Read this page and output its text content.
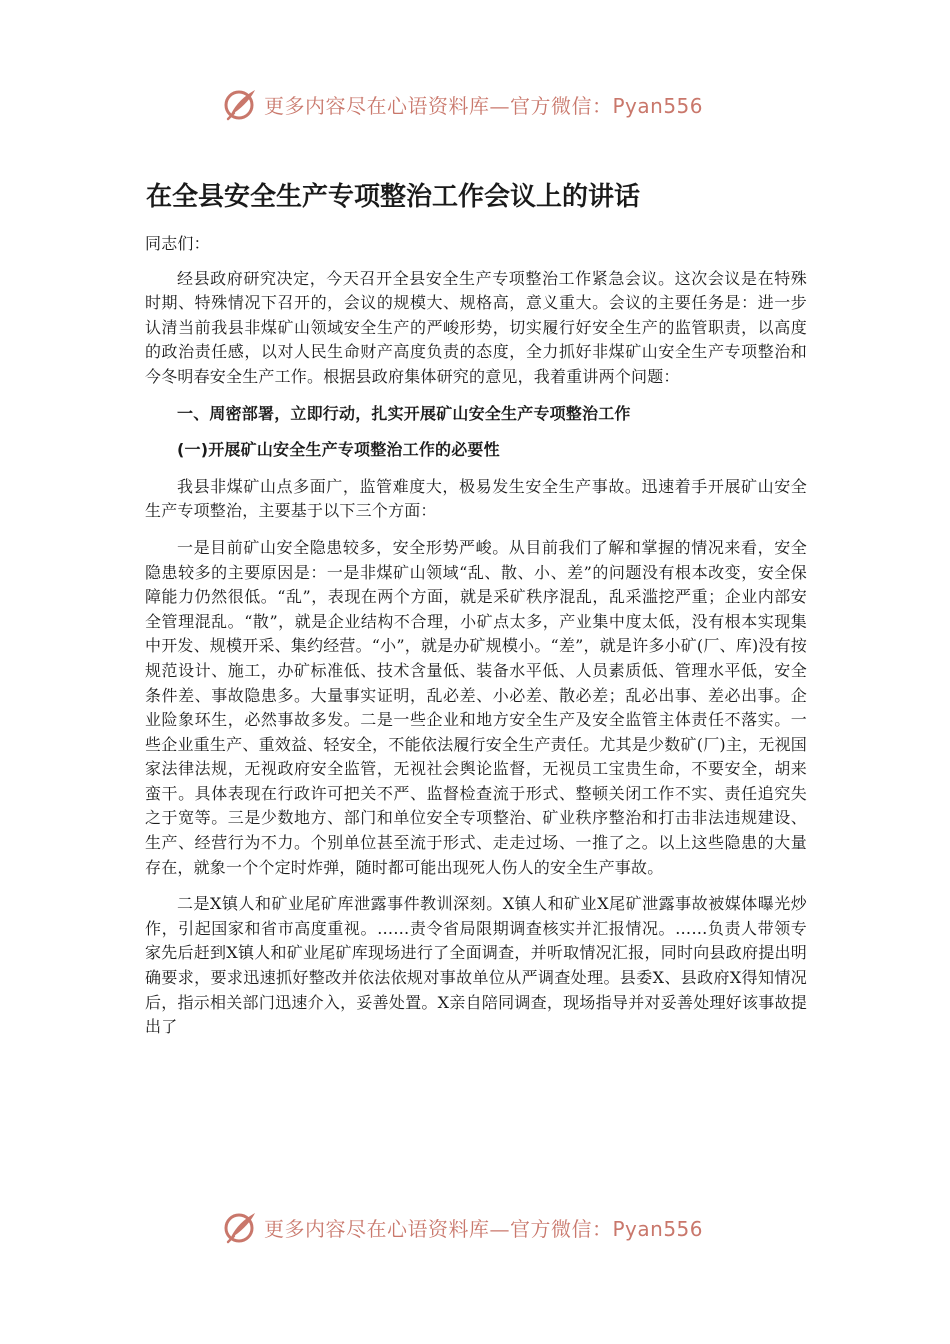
更多内容尽在心语资料库—官方微信：Pyan556
在全县安全生产专项整治工作会议上的讲话

同志们：

经县政府研究决定，今天召开全县安全生产专项整治工作紧急会议。这次会议是在特殊时期、特殊情况下召开的，会议的规模大、规格高，意义重大。会议的主要任务是：进一步认清当前我县非煤矿山领域安全生产的严峻形势，切实履行好安全生产的监管职责，以高度的政治责任感，以对人民生命财产高度负责的态度，全力抓好非煤矿山安全生产专项整治和今冬明春安全生产工作。根据县政府集体研究的意见，我着重讲两个问题：

一、周密部署，立即行动，扎实开展矿山安全生产专项整治工作

(一)开展矿山安全生产专项整治工作的必要性

我县非煤矿山点多面广，监管难度大，极易发生安全生产事故。迅速着手开展矿山安全生产专项整治，主要基于以下三个方面：

一是目前矿山安全隐患较多，安全形势严峻。从目前我们了解和掌握的情况来看，安全隐患较多的主要原因是：一是非煤矿山领域“乱、散、小、差”的问题没有根本改变，安全保障能力仍然很低。“乱”，表现在两个方面，就是采矿秩序混乱，乱采滥挖严重；企业内部安全管理混乱。“散”，就是企业结构不合理，小矿点太多，产业集中度太低，没有根本实现集中开发、规模开采、集约经营。“小”，就是办矿规模小。“差”，就是许多小矿(厂、库)没有按规范设计、施工，办矿标准低、技术含量低、装备水平低、人员素质低、管理水平低，安全条件差、事故隐患多。大量事实证明，乱必差、小必差、散必差；乱必出事、差必出事。企业险象环生，必然事故多发。二是一些企业和地方安全生产及安全监管主体责任不落实。一些企业重生产、重效益、轻安全，不能依法履行安全生产责任。尤其是少数矿(厂)主，无视国家法律法规，无视政府安全监管，无视社会舆论监督，无视员工宝贵生命，不要安全，胡来蛮干。具体表现在行政许可把关不严、监督检查流于形式、整顿关闭工作不实、责任追究失之于宽等。三是少数地方、部门和单位安全专项整治、矿业秩序整治和打击非法违规建设、生产、经营行为不力。个别单位甚至流于形式、走走过场、一推了之。以上这些隐患的大量存在，就象一个个定时炸弹，随时都可能出现死人伤人的安全生产事故。

二是X镇人和矿业尾矿库泄露事件教训深刻。X镇人和矿业X尾矿泄露事故被媒体曝光炒作，引起国家和省市高度重视。……责令省局限期调查核实并汇报情况。……负责人带领专家先后赶到X镇人和矿业尾矿库现场进行了全面调查，并听取情况汇报，同时向县政府提出明确要求，要求迅速抓好整改并依法依规对事故单位从严调查处理。县委X、县政府X得知情况后，指示相关部门迅速介入，妥善处置。X亲自陪同调查，现场指导并对妥善处理好该事故提出了

更多内容尽在心语资料库—官方微信：Pyan556
